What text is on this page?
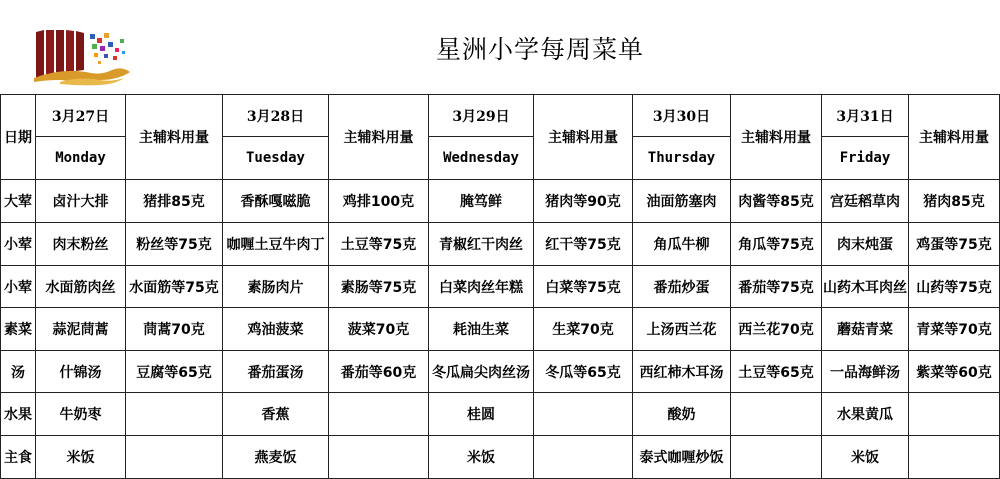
星洲小学每周菜单
日期	3月27日	主辅料用量	3月28日	主辅料用量	3月29日	主辅料用量	3月30日	主辅料用量	3月31日	主辅料用量
	Monday		Tuesday		Wednesday		Thursday		Friday	
大荤	卤汁大排	猪排85克	香酥嘎嗞脆	鸡排100克	腌笃鲜	猪肉等90克	油面筋塞肉	肉酱等85克	宫廷稻草肉	猪肉85克
小荤	肉末粉丝	粉丝等75克	咖喱土豆牛肉丁	土豆等75克	青椒红干肉丝	红干等75克	角瓜牛柳	角瓜等75克	肉末炖蛋	鸡蛋等75克
小荤	水面筋肉丝	水面筋等75克	素肠肉片	素肠等75克	白菜肉丝年糕	白菜等75克	番茄炒蛋	番茄等75克	山药木耳肉丝	山药等75克
素菜	蒜泥茼蒿	茼蒿70克	鸡油菠菜	菠菜70克	耗油生菜	生菜70克	上汤西兰花	西兰花70克	蘑菇青菜	青菜等70克
汤	什锦汤	豆腐等65克	番茄蛋汤	番茄等60克	冬瓜扁尖肉丝汤	冬瓜等65克	西红柿木耳汤	土豆等65克	一品海鲜汤	紫菜等60克
水果	牛奶枣		香蕉		桂圆		酸奶		水果黄瓜	
主食	米饭		燕麦饭		米饭		泰式咖喱炒饭		米饭	
